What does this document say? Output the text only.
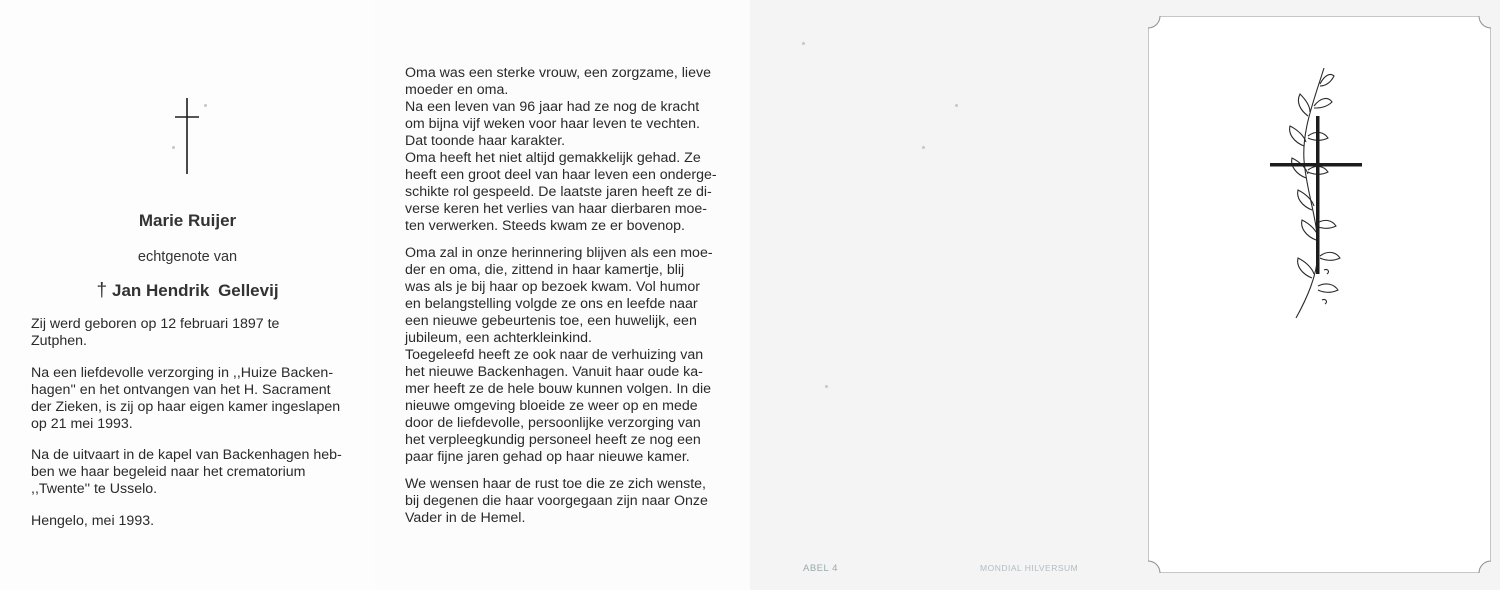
Marie Ruijer
echtgenote van
† Jan Hendrik Gellevij

Zij werd geboren op 12 februari 1897 te
Zutphen.

Na een liefdevolle verzorging in ,,Huize Backen-
hagen'' en het ontvangen van het H. Sacrament
der Zieken, is zij op haar eigen kamer ingeslapen
op 21 mei 1993.

Na de uitvaart in de kapel van Backenhagen heb-
ben we haar begeleid naar het crematorium
,,Twente'' te Usselo.

Hengelo, mei 1993.

Oma was een sterke vrouw, een zorgzame, lieve
moeder en oma.
Na een leven van 96 jaar had ze nog de kracht
om bijna vijf weken voor haar leven te vechten.
Dat toonde haar karakter.
Oma heeft het niet altijd gemakkelijk gehad. Ze
heeft een groot deel van haar leven een onderge-
schikte rol gespeeld. De laatste jaren heeft ze di-
verse keren het verlies van haar dierbaren moe-
ten verwerken. Steeds kwam ze er bovenop.

Oma zal in onze herinnering blijven als een moe-
der en oma, die, zittend in haar kamertje, blij
was als je bij haar op bezoek kwam. Vol humor
en belangstelling volgde ze ons en leefde naar
een nieuwe gebeurtenis toe, een huwelijk, een
jubileum, een achterkleinkind.
Toegeleefd heeft ze ook naar de verhuizing van
het nieuwe Backenhagen. Vanuit haar oude ka-
mer heeft ze de hele bouw kunnen volgen. In die
nieuwe omgeving bloeide ze weer op en mede
door de liefdevolle, persoonlijke verzorging van
het verpleegkundig personeel heeft ze nog een
paar fijne jaren gehad op haar nieuwe kamer.

We wensen haar de rust toe die ze zich wenste,
bij degenen die haar voorgegaan zijn naar Onze
Vader in de Hemel.

ABEL 4	MONDIAL HILVERSUM
